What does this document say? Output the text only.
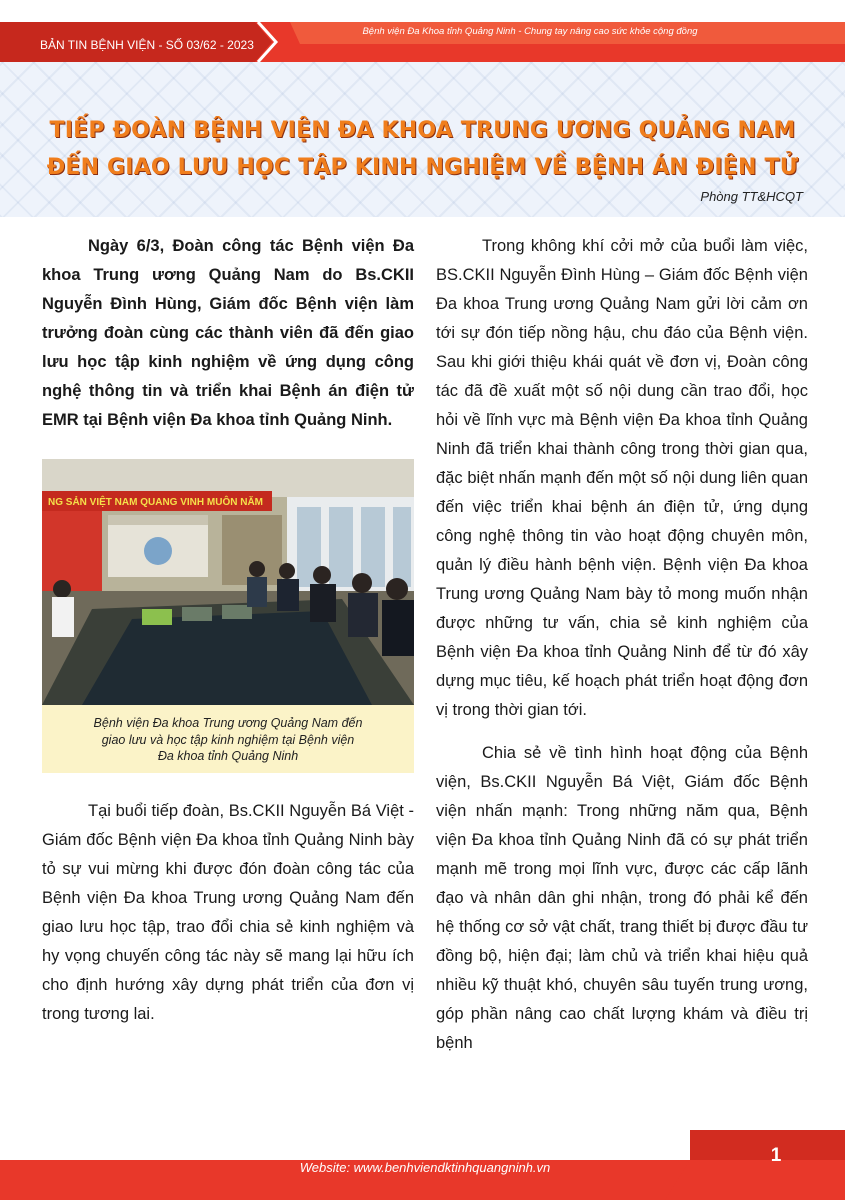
BẢN TIN BỆNH VIỆN - SỐ 03/62 - 2023
Bệnh viện Đa Khoa tỉnh Quảng Ninh - Chung tay nâng cao sức khỏe cộng đồng
TIẾP ĐOÀN BỆNH VIỆN ĐA KHOA TRUNG ƯƠNG QUẢNG NAM
ĐẾN GIAO LƯU HỌC TẬP KINH NGHIỆM VỀ BỆNH ÁN ĐIỆN TỬ
Phòng TT&HCQT

Ngày 6/3, Đoàn công tác Bệnh viện Đa khoa Trung ương Quảng Nam do Bs.CKII Nguyễn Đình Hùng, Giám đốc Bệnh viện làm trưởng đoàn cùng các thành viên đã đến giao lưu học tập kinh nghiệm về ứng dụng công nghệ thông tin và triển khai Bệnh án điện tử EMR tại Bệnh viện Đa khoa tỉnh Quảng Ninh.

NG SẢN VIỆT NAM QUANG VINH MUÔN NĂM
Bệnh viện Đa khoa Trung ương Quảng Nam đến
giao lưu và học tập kinh nghiệm tại Bệnh viện
Đa khoa tỉnh Quảng Ninh

Tại buổi tiếp đoàn, Bs.CKII Nguyễn Bá Việt - Giám đốc Bệnh viện Đa khoa tỉnh Quảng Ninh bày tỏ sự vui mừng khi được đón đoàn công tác của Bệnh viện Đa khoa Trung ương Quảng Nam đến giao lưu học tập, trao đổi chia sẻ kinh nghiệm và hy vọng chuyến công tác này sẽ mang lại hữu ích cho định hướng xây dựng phát triển của đơn vị trong tương lai.

Trong không khí cởi mở của buổi làm việc, BS.CKII Nguyễn Đình Hùng – Giám đốc Bệnh viện Đa khoa Trung ương Quảng Nam gửi lời cảm ơn tới sự đón tiếp nồng hậu, chu đáo của Bệnh viện. Sau khi giới thiệu khái quát về đơn vị, Đoàn công tác đã đề xuất một số nội dung cần trao đổi, học hỏi về lĩnh vực mà Bệnh viện Đa khoa tỉnh Quảng Ninh đã triển khai thành công trong thời gian qua, đặc biệt nhấn mạnh đến một số nội dung liên quan đến việc triển khai bệnh án điện tử, ứng dụng công nghệ thông tin vào hoạt động chuyên môn, quản lý điều hành bệnh viện. Bệnh viện Đa khoa Trung ương Quảng Nam bày tỏ mong muốn nhận được những tư vấn, chia sẻ kinh nghiệm của Bệnh viện Đa khoa tỉnh Quảng Ninh để từ đó xây dựng mục tiêu, kế hoạch phát triển hoạt động đơn vị trong thời gian tới.

Chia sẻ về tình hình hoạt động của Bệnh viện, Bs.CKII Nguyễn Bá Việt, Giám đốc Bệnh viện nhấn mạnh: Trong những năm qua, Bệnh viện Đa khoa tỉnh Quảng Ninh đã có sự phát triển mạnh mẽ trong mọi lĩnh vực, được các cấp lãnh đạo và nhân dân ghi nhận, trong đó phải kể đến hệ thống cơ sở vật chất, trang thiết bị được đầu tư đồng bộ, hiện đại; làm chủ và triển khai hiệu quả nhiều kỹ thuật khó, chuyên sâu tuyến trung ương, góp phần nâng cao chất lượng khám và điều trị bệnh

Website: www.benhviendktinhquangninh.vn
1
